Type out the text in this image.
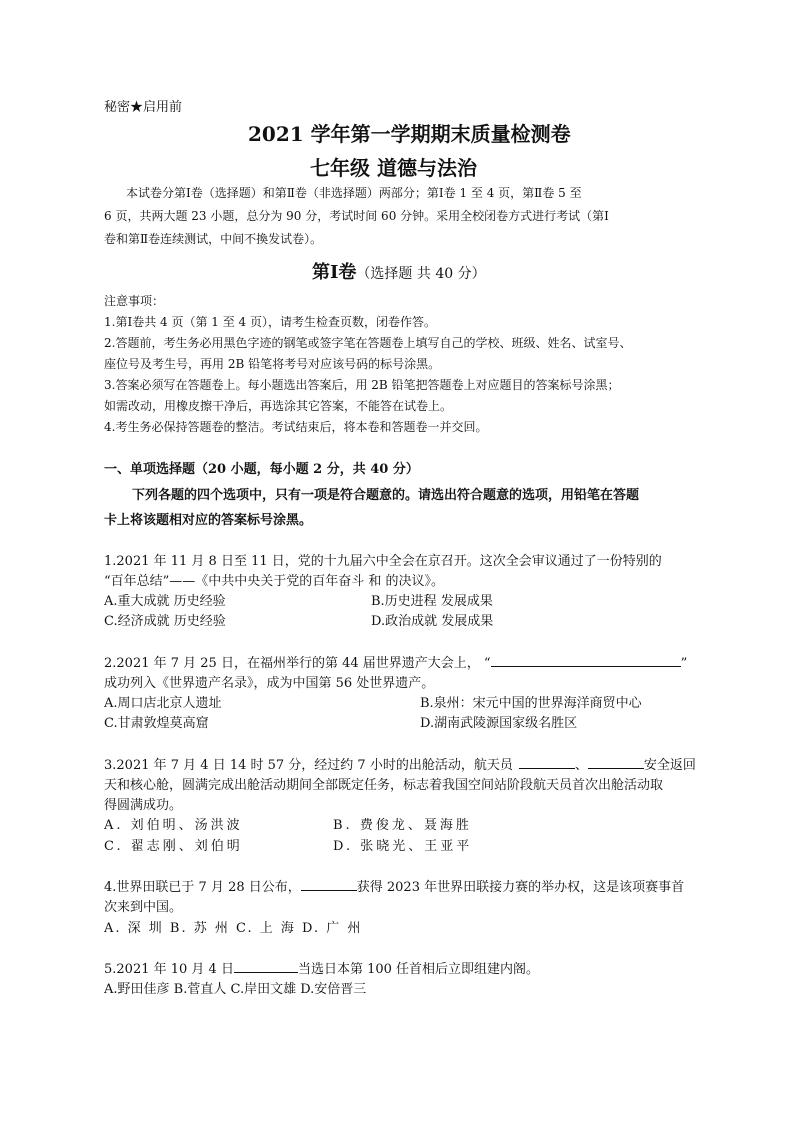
秘密★启用前
2021 学年第一学期期末质量检测卷
七年级 道德与法治
本试卷分第Ⅰ卷（选择题）和第Ⅱ卷（非选择题）两部分；第Ⅰ卷 1 至 4 页，第Ⅱ卷 5 至
6 页，共两大题 23 小题，总分为 90 分，考试时间 60 分钟。采用全校闭卷方式进行考试（第Ⅰ
卷和第Ⅱ卷连续测试，中间不換发试卷）。
第Ⅰ卷（选择题 共 40 分）
注意事项：
1.第Ⅰ卷共 4 页（第 1 至 4 页），请考生检查页数，闭卷作答。
2.答题前，考生务必用黑色字迹的钢笔或签字笔在答题卷上填写自己的学校、班级、姓名、试室号、
座位号及考生号，再用 2B 铅笔将考号对应该号码的标号涂黑。
3.答案必须写在答题卷上。每小题选出答案后，用 2B 铅笔把答题卷上对应题目的答案标号涂黑；
如需改动，用橡皮擦干净后，再选涂其它答案，不能答在试卷上。
4.考生务必保持答题卷的整洁。考试结束后，将本卷和答题卷一并交回。
一、单项选择题（20 小题，每小题 2 分，共 40 分）
下列各题的四个选项中，只有一项是符合题意的。请选出符合题意的选项，用铅笔在答题
卡上将该题相对应的答案标号涂黑。
1.2021 年 11 月 8 日至 11 日，党的十九届六中全会在京召开。这次全会审议通过了一份特别的
“百年总结”——《中共中央关于党的百年奋斗 和 的决议》。
A.重大成就 历史经验	B.历史进程 发展成果
C.经济成就 历史经验	D.政治成就 发展成果
2.2021 年 7 月 25 日，在福州举行的第 44 届世界遗产大会上， “	”
成功列入《世界遗产名录》，成为中国第 56 处世界遗产。
A.周口店北京人遗址	B.泉州：宋元中国的世界海洋商贸中心
C.甘肃敦煌莫高窟	D.湖南武陵源国家级名胜区
3.2021 年 7 月 4 日 14 时 57 分，经过约 7 小时的出舱活动，航天员	、	安全返回
天和核心舱，圆满完成出舱活动期间全部既定任务，标志着我国空间站阶段航天员首次出舱活动取
得圆满成功。
A. 刘伯明、汤洪波	B. 费俊龙、聂海胜
C. 翟志刚、刘伯明	D. 张晓光、王亚平
4.世界田联已于 7 月 28 日公布，	获得 2023 年世界田联接力赛的举办权，这是该项赛事首
次来到中国。
A. 深 圳 B. 苏 州 C. 上 海 D. 广 州
5.2021 年 10 月 4 日	当选日本第 100 任首相后立即组建内阁。
A.野田佳彦 B.菅直人 C.岸田文雄 D.安倍晋三
